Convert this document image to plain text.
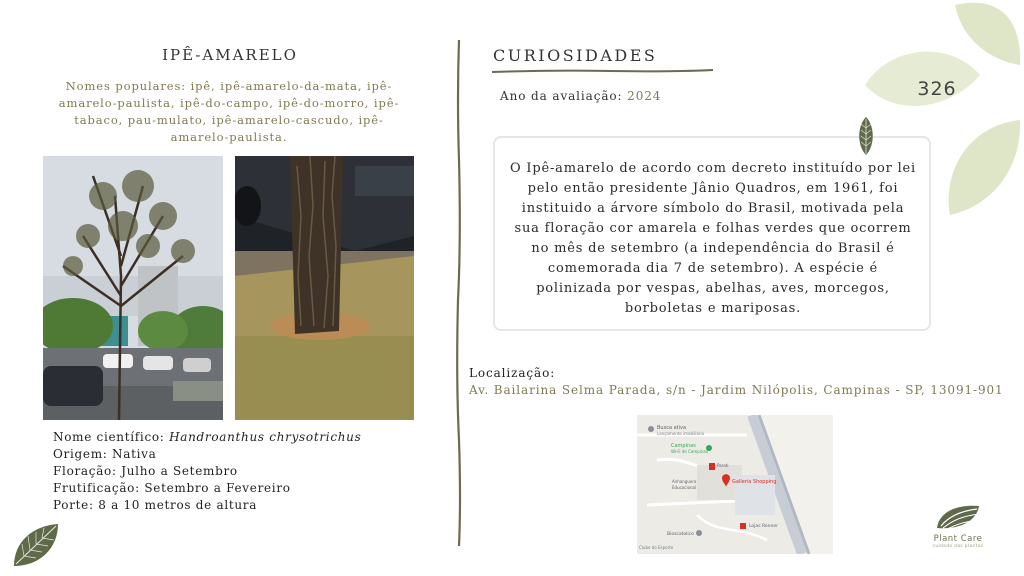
IPÊ-AMARELO
Nomes populares: ipê, ipê-amarelo-da-mata, ipê-amarelo-paulista, ipê-do-campo, ipê-do-morro, ipê-tabaco, pau-mulato, ipê-amarelo-cascudo, ipê-amarelo-paulista.
Nome científico: Handroanthus chrysotrichus
Origem: Nativa
Floração: Julho a Setembro
Frutificação: Setembro a Fevereiro
Porte: 8 a 10 metros de altura
CURIOSIDADES
Ano da avaliação: 2024

O Ipê-amarelo de acordo com decreto instituído por lei pelo então presidente Jânio Quadros, em 1961, foi instituido a árvore símbolo do Brasil, motivada pela sua floração cor amarela e folhas verdes que ocorrem no mês de setembro (a independência do Brasil é comemorada dia 7 de setembro). A espécie é polinizada por vespas, abelhas, aves, morcegos, borboletas e mariposas.

326
Localização:
Av. Bailarina Selma Parada, s/n - Jardim Nilópolis, Campinas - SP, 13091-901
Busca ativa
Lançamento imobiliário
Campinas
Wi-Fi de Campinas
Parati
Galleria Shopping
Anhanguera
Educacional
Lojas Renner
Bioscatolico
Clube do Esporte
Plant Care
cuidado das plantas
